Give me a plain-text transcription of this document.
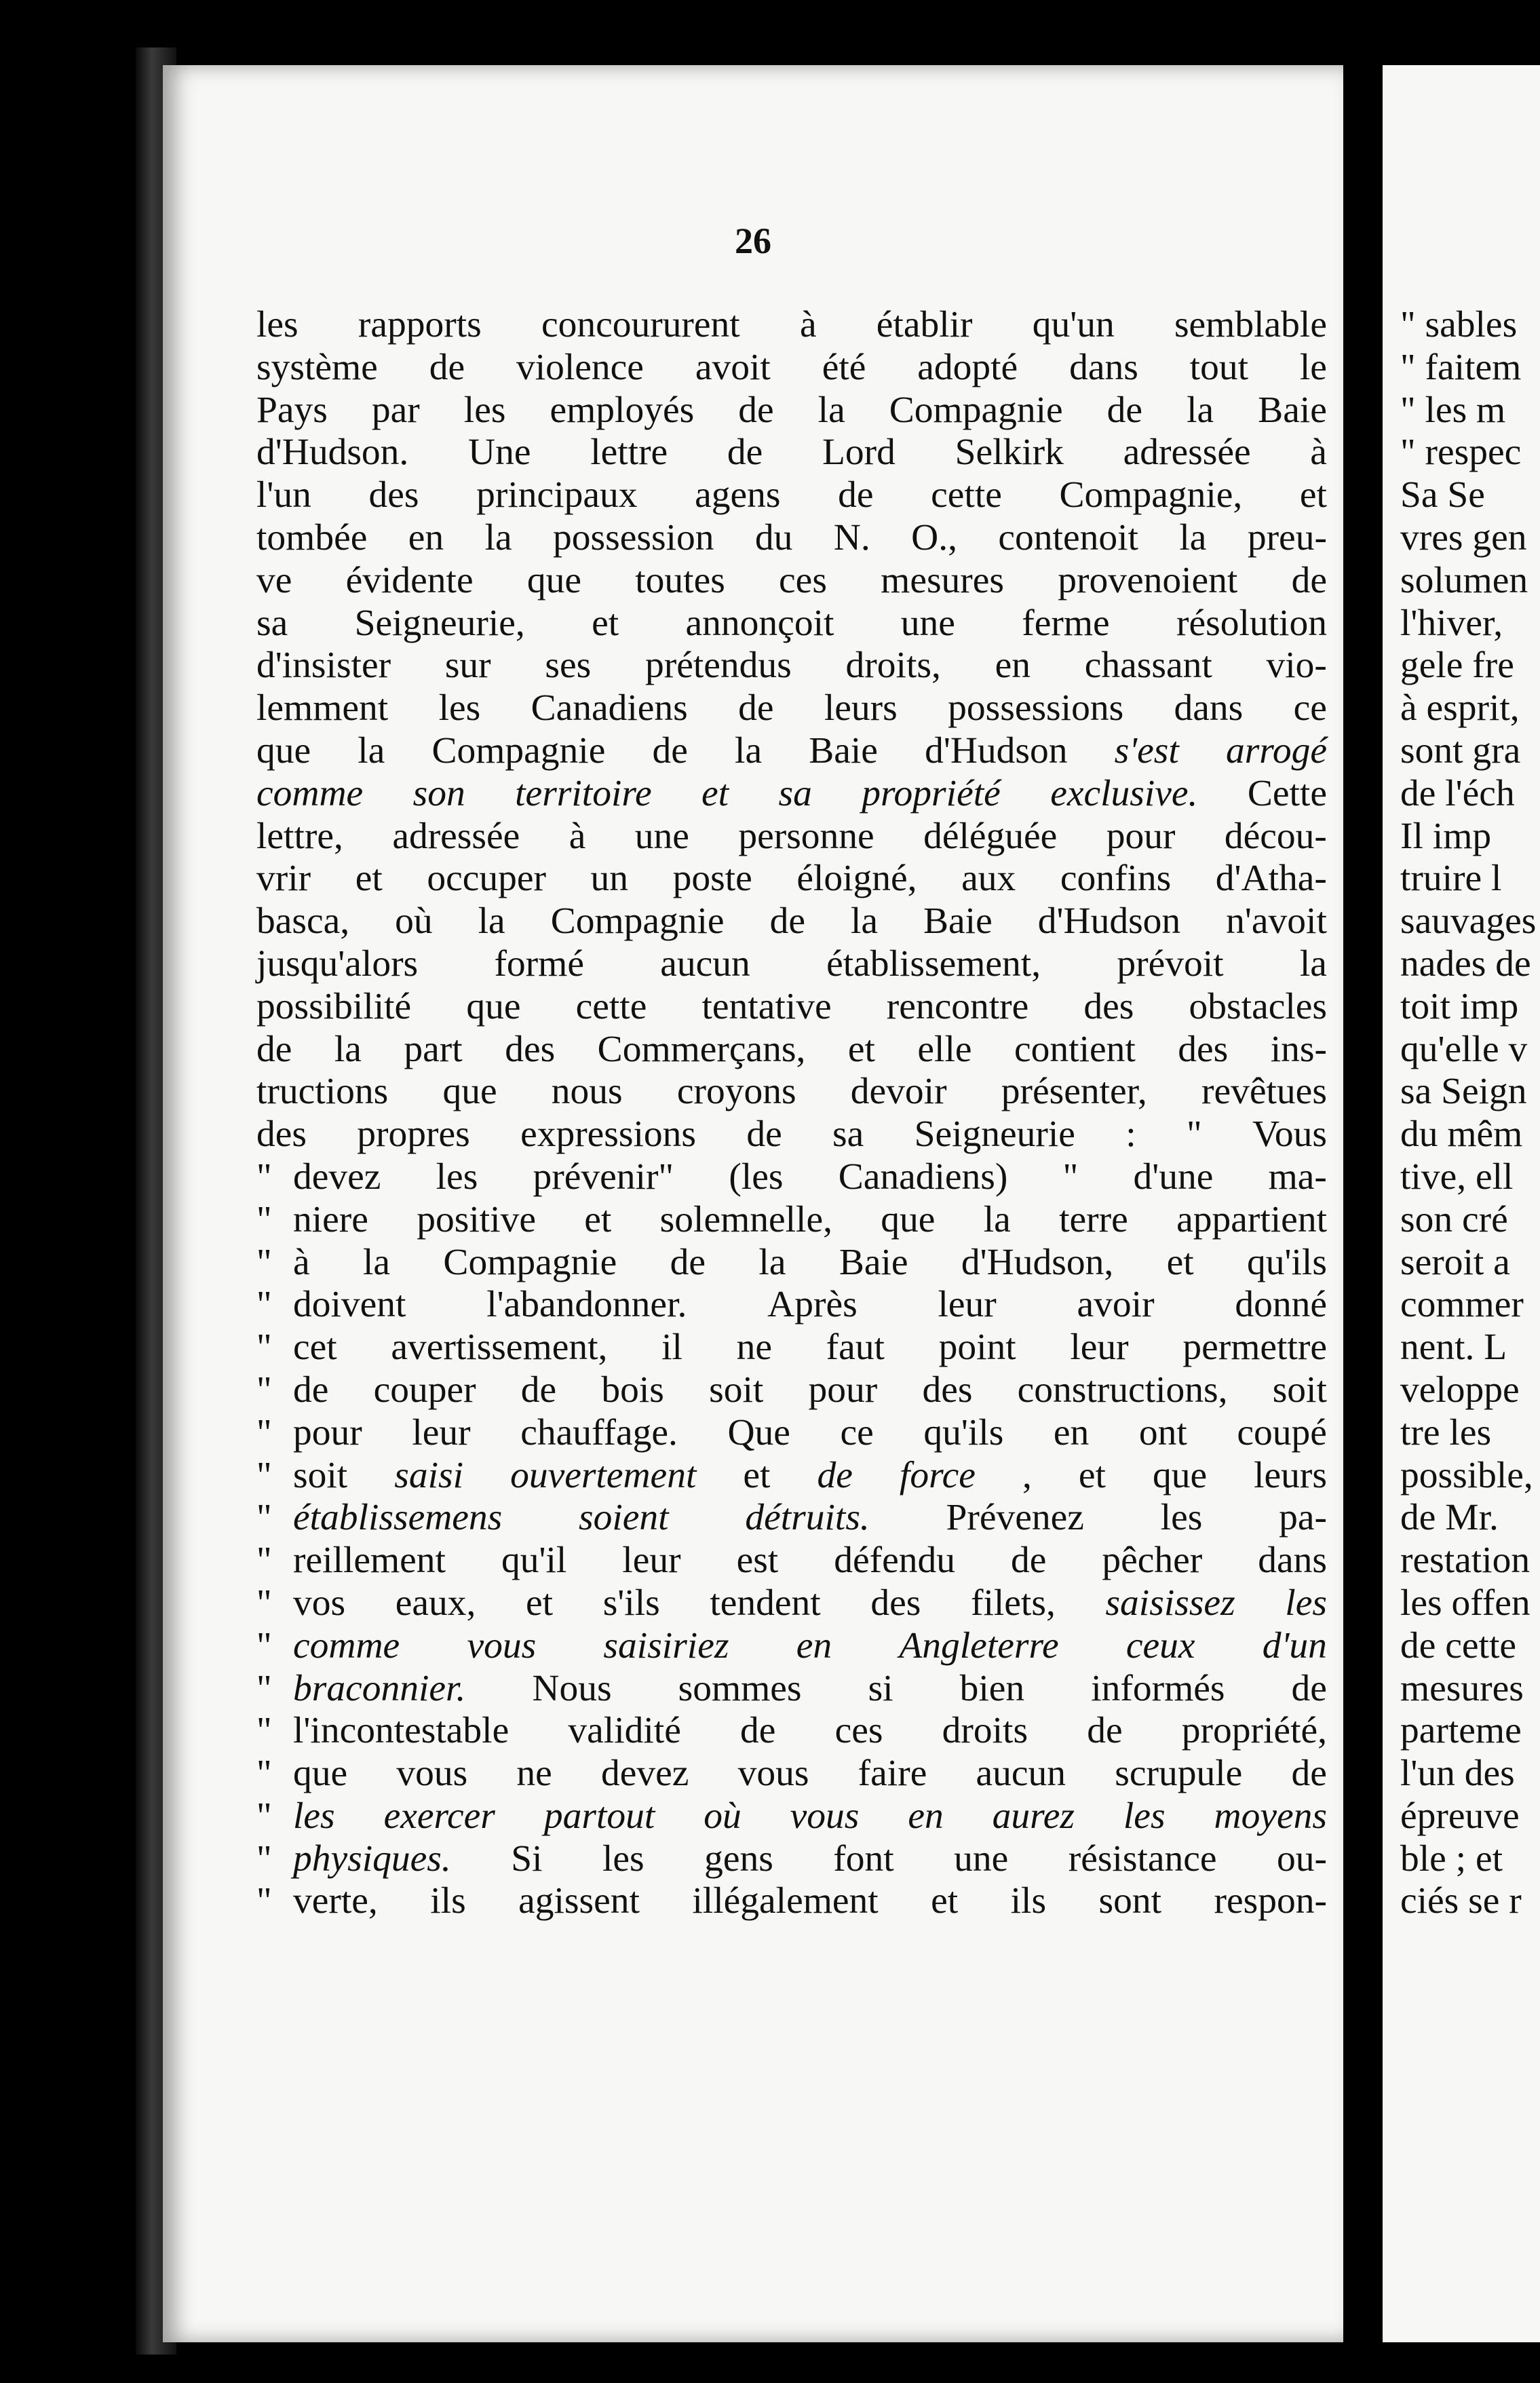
26
les rapports concoururent à établir qu'un semblable
système de violence avoit été adopté dans tout le
Pays par les employés de la Compagnie de la Baie
d'Hudson. Une lettre de Lord Selkirk adressée à
l'un des principaux agens de cette Compagnie, et
tombée en la possession du N. O., contenoit la preu-
ve évidente que toutes ces mesures provenoient de
sa Seigneurie, et annonçoit une ferme résolution
d'insister sur ses prétendus droits, en chassant vio-
lemment les Canadiens de leurs possessions dans ce
que la Compagnie de la Baie d'Hudson s'est arrogé
comme son territoire et sa propriété exclusive. Cette
lettre, adressée à une personne déléguée pour décou-
vrir et occuper un poste éloigné, aux confins d'Atha-
basca, où la Compagnie de la Baie d'Hudson n'avoit
jusqu'alors formé aucun établissement, prévoit la
possibilité que cette tentative rencontre des obstacles
de la part des Commerçans, et elle contient des ins-
tructions que nous croyons devoir présenter, revêtues
des propres expressions de sa Seigneurie : " Vous
" devez les prévenir" (les Canadiens) " d'une ma-
" niere positive et solemnelle, que la terre appartient
" à la Compagnie de la Baie d'Hudson, et qu'ils
" doivent l'abandonner. Après leur avoir donné
" cet avertissement, il ne faut point leur permettre
" de couper de bois soit pour des constructions, soit
" pour leur chauffage. Que ce qu'ils en ont coupé
" soit saisi ouvertement et de force , et que leurs
" établissemens soient détruits. Prévenez les pa-
" reillement qu'il leur est défendu de pêcher dans
" vos eaux, et s'ils tendent des filets, saisissez les
" comme vous saisiriez en Angleterre ceux d'un
" braconnier. Nous sommes si bien informés de
" l'incontestable validité de ces droits de propriété,
" que vous ne devez vous faire aucun scrupule de
" les exercer partout où vous en aurez les moyens
" physiques. Si les gens font une résistance ou-
" verte, ils agissent illégalement et ils sont respon-
" sables
" faitem
" les m
" respec
Sa Se
vres gen
solumen
l'hiver,
gele fre
à esprit,
sont gra
de l'éch
Il imp
truire l
sauvages
nades de
toit imp
qu'elle v
sa Seign
du mêm
tive, ell
son cré
seroit a
commer
nent. L
veloppe
tre les
possible,
de Mr.
restation
les offen
de cette
mesures
parteme
l'un des
épreuve
ble ; et
ciés se r
